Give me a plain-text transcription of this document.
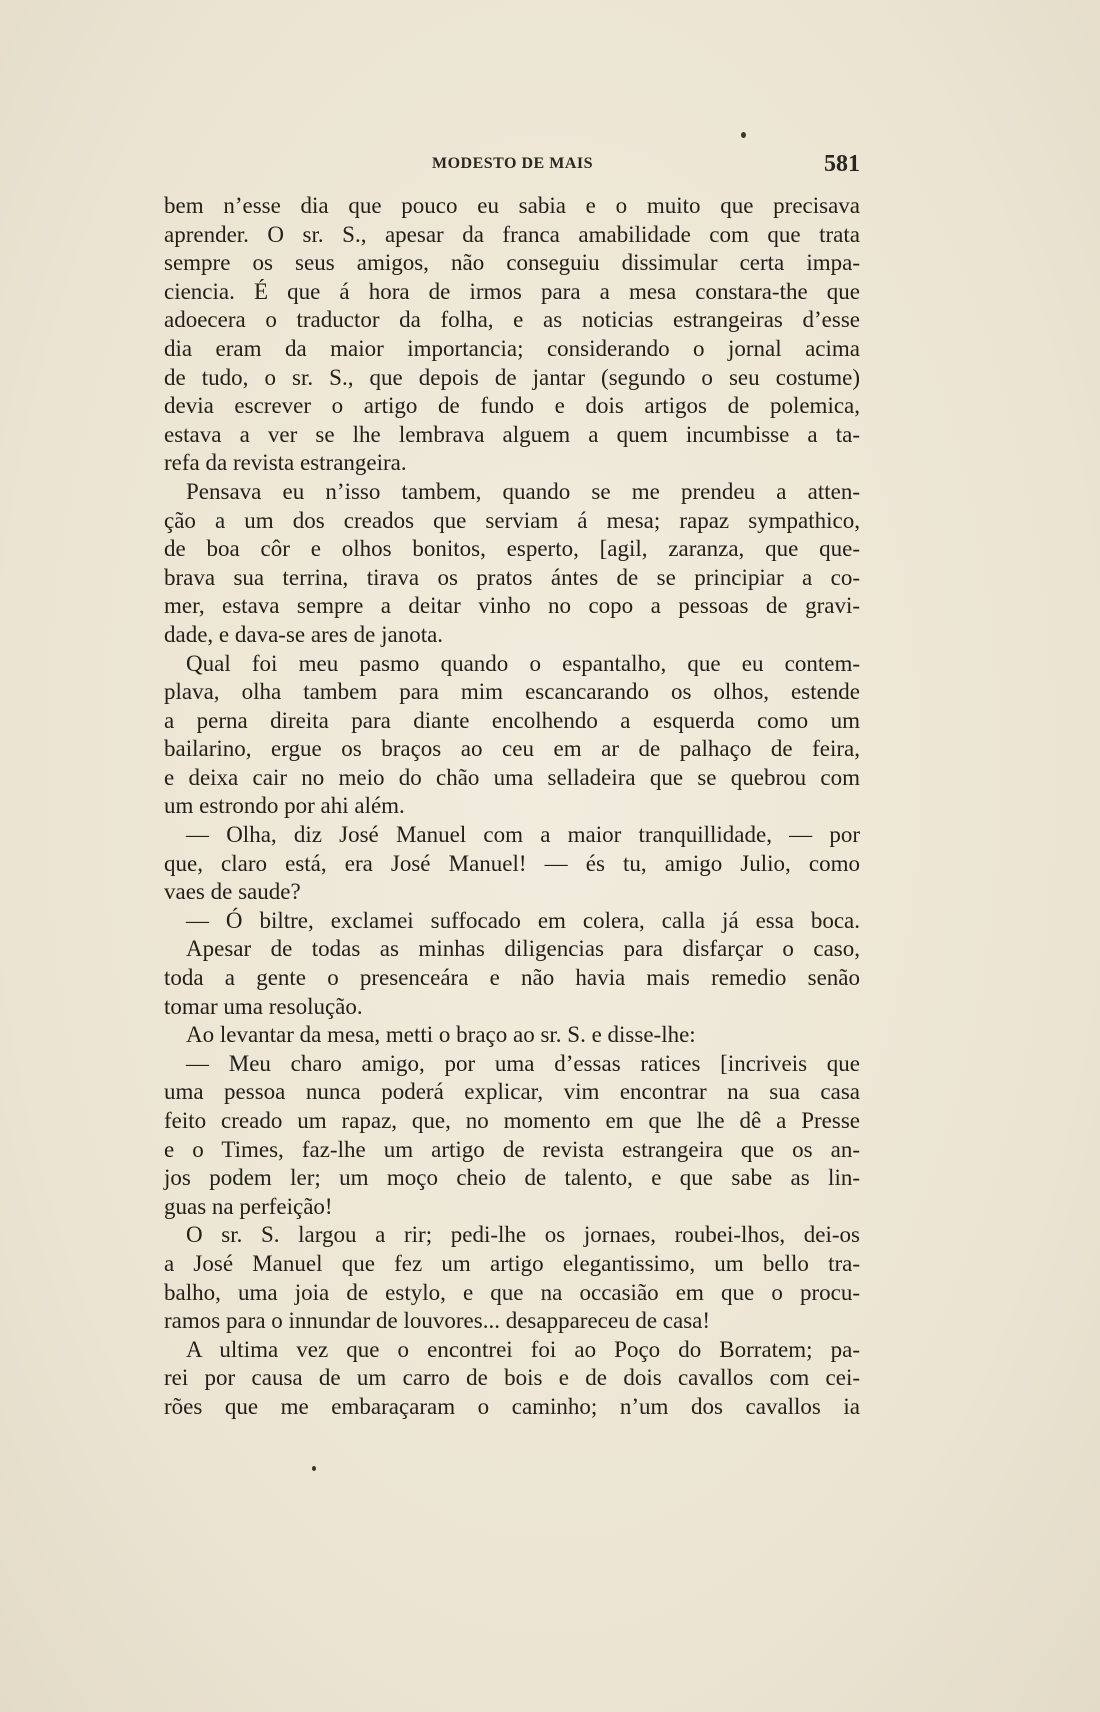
MODESTO DE MAIS	581
bem n’esse dia que pouco eu sabia e o muito que precisava
aprender. O sr. S., apesar da franca amabilidade com que trata
sempre os seus amigos, não conseguiu dissimular certa impa-
ciencia. É que á hora de irmos para a mesa constara-the que
adoecera o traductor da folha, e as noticias estrangeiras d’esse
dia eram da maior importancia; considerando o jornal acima
de tudo, o sr. S., que depois de jantar (segundo o seu costume)
devia escrever o artigo de fundo e dois artigos de polemica,
estava a ver se lhe lembrava alguem a quem incumbisse a ta-
refa da revista estrangeira.
Pensava eu n’isso tambem, quando se me prendeu a atten-
ção a um dos creados que serviam á mesa; rapaz sympathico,
de boa côr e olhos bonitos, esperto, [agil, zaranza, que que-
brava sua terrina, tirava os pratos ántes de se principiar a co-
mer, estava sempre a deitar vinho no copo a pessoas de gravi-
dade, e dava-se ares de janota.
Qual foi meu pasmo quando o espantalho, que eu contem-
plava, olha tambem para mim escancarando os olhos, estende
a perna direita para diante encolhendo a esquerda como um
bailarino, ergue os braços ao ceu em ar de palhaço de feira,
e deixa cair no meio do chão uma selladeira que se quebrou com
um estrondo por ahi além.
— Olha, diz José Manuel com a maior tranquillidade, — por
que, claro está, era José Manuel! — és tu, amigo Julio, como
vaes de saude?
— Ó biltre, exclamei suffocado em colera, calla já essa boca.
Apesar de todas as minhas diligencias para disfarçar o caso,
toda a gente o presenceára e não havia mais remedio senão
tomar uma resolução.
Ao levantar da mesa, metti o braço ao sr. S. e disse-lhe:
— Meu charo amigo, por uma d’essas ratices [incriveis que
uma pessoa nunca poderá explicar, vim encontrar na sua casa
feito creado um rapaz, que, no momento em que lhe dê a Presse
e o Times, faz-lhe um artigo de revista estrangeira que os an-
jos podem ler; um moço cheio de talento, e que sabe as lin-
guas na perfeição!
O sr. S. largou a rir; pedi-lhe os jornaes, roubei-lhos, dei-os
a José Manuel que fez um artigo elegantissimo, um bello tra-
balho, uma joia de estylo, e que na occasião em que o procu-
ramos para o innundar de louvores... desappareceu de casa!
A ultima vez que o encontrei foi ao Poço do Borratem; pa-
rei por causa de um carro de bois e de dois cavallos com cei-
rões que me embaraçaram o caminho; n’um dos cavallos ia
